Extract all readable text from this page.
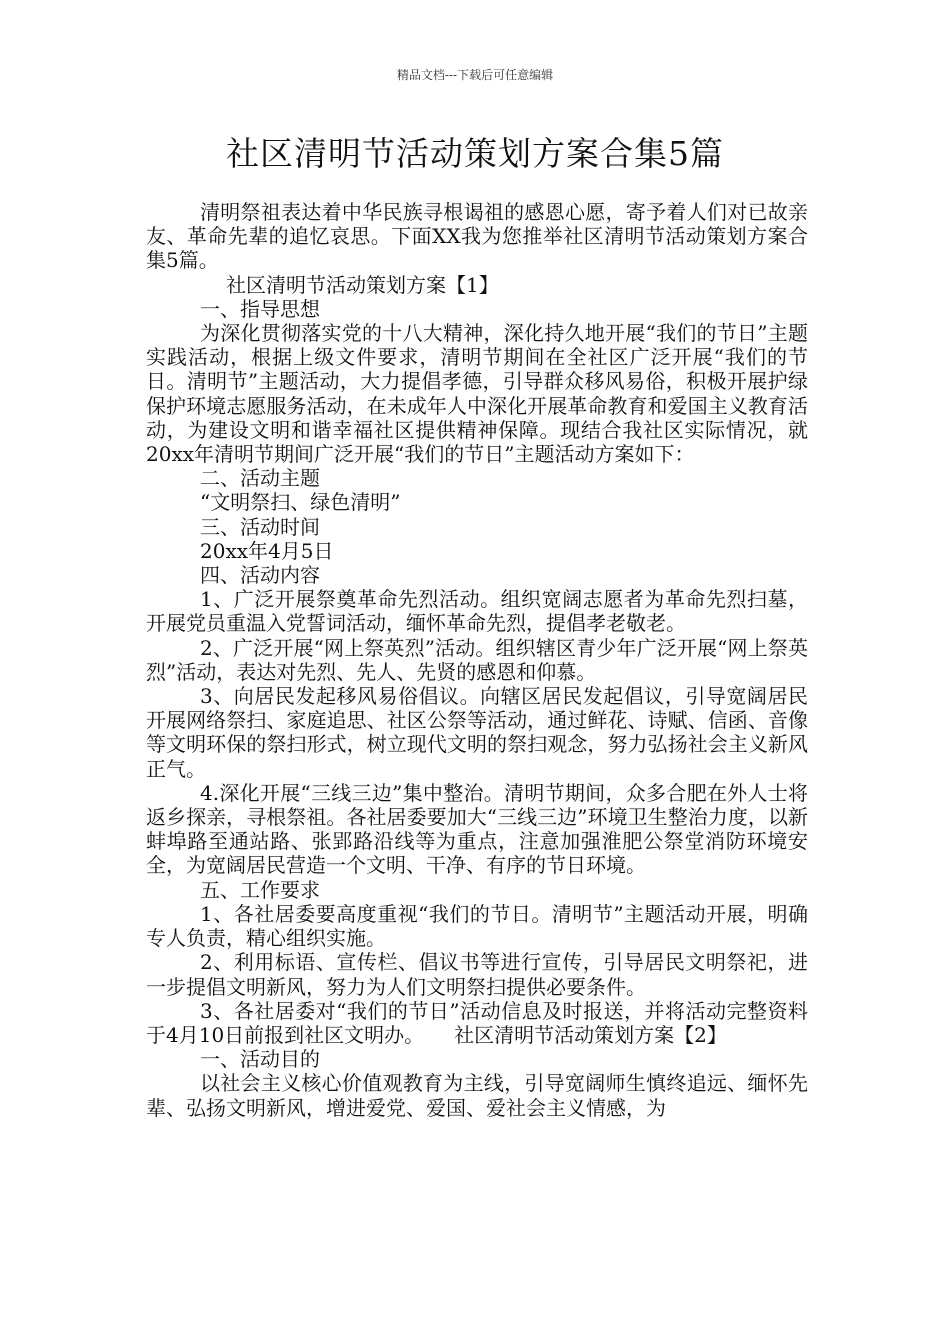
精品文档---下载后可任意编辑
社区清明节活动策划方案合集5篇

清明祭祖表达着中华民族寻根谒祖的感恩心愿，寄予着人们对已故亲友、革命先辈的追忆哀思。下面XX我为您推举社区清明节活动策划方案合集5篇。

社区清明节活动策划方案【1】

一、指导思想

为深化贯彻落实党的十八大精神，深化持久地开展“我们的节日”主题实践活动，根据上级文件要求，清明节期间在全社区广泛开展“我们的节日。清明节”主题活动，大力提倡孝德，引导群众移风易俗，积极开展护绿保护环境志愿服务活动，在未成年人中深化开展革命教育和爱国主义教育活动，为建设文明和谐幸福社区提供精神保障。现结合我社区实际情况，就20xx年清明节期间广泛开展“我们的节日”主题活动方案如下：

二、活动主题

“文明祭扫、绿色清明”

三、活动时间

20xx年4月5日

四、活动内容

1、广泛开展祭奠革命先烈活动。组织宽阔志愿者为革命先烈扫墓，开展党员重温入党誓词活动，缅怀革命先烈，提倡孝老敬老。

2、广泛开展“网上祭英烈”活动。组织辖区青少年广泛开展“网上祭英烈”活动，表达对先烈、先人、先贤的感恩和仰慕。

3、向居民发起移风易俗倡议。向辖区居民发起倡议，引导宽阔居民开展网络祭扫、家庭追思、社区公祭等活动，通过鲜花、诗赋、信函、音像等文明环保的祭扫形式，树立现代文明的祭扫观念，努力弘扬社会主义新风正气。

4.深化开展“三线三边”集中整治。清明节期间，众多合肥在外人士将返乡探亲，寻根祭祖。各社居委要加大“三线三边”环境卫生整治力度，以新蚌埠路至通站路、张郢路沿线等为重点，注意加强淮肥公祭堂消防环境安全，为宽阔居民营造一个文明、干净、有序的节日环境。

五、工作要求

1、各社居委要高度重视“我们的节日。清明节”主题活动开展，明确专人负责，精心组织实施。

2、利用标语、宣传栏、倡议书等进行宣传，引导居民文明祭祀，进一步提倡文明新风，努力为人们文明祭扫提供必要条件。

3、各社居委对“我们的节日”活动信息及时报送，并将活动完整资料于4月10日前报到社区文明办。　　社区清明节活动策划方案【2】

一、活动目的

以社会主义核心价值观教育为主线，引导宽阔师生慎终追远、缅怀先辈、弘扬文明新风，增进爱党、爱国、爱社会主义情感，为
